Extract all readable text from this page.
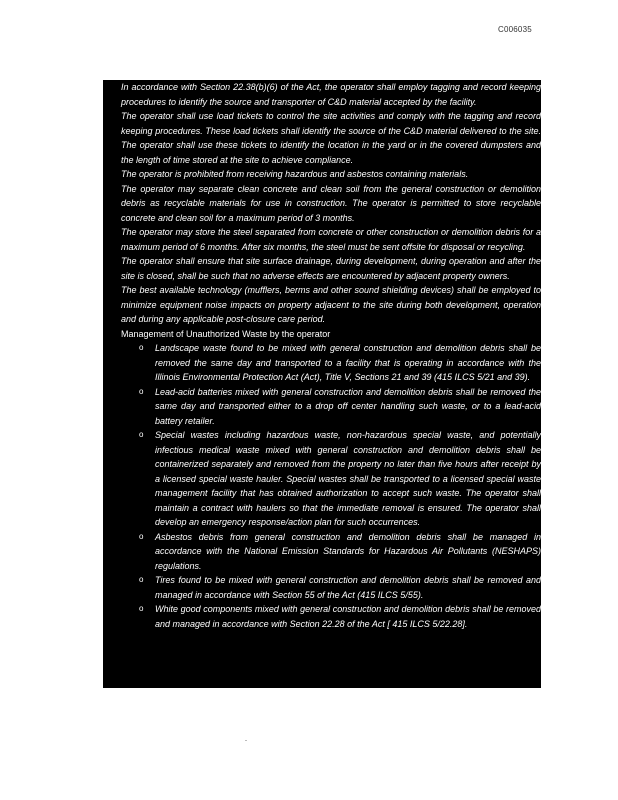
C006035

In accordance with Section 22.38(b)(6) of the Act, the operator shall employ tagging and record keeping procedures to identify the source and transporter of C&D material accepted by the facility.

•	The operator shall use load tickets to control the site activities and comply with the tagging and record keeping procedures. These load tickets shall identify the source of the C&D material delivered to the site. The operator shall use these tickets to identify the location in the yard or in the covered dumpsters and the length of time stored at the site to achieve compliance.

The operator is prohibited from receiving hazardous and asbestos containing materials.

The operator may separate clean concrete and clean soil from the general construction or demolition debris as recyclable materials for use in construction. The operator is permitted to store recyclable concrete and clean soil for a maximum period of 3 months.

•	The operator may store the steel separated from concrete or other construction or demolition debris for a maximum period of 6 months. After six months, the steel must be sent offsite for disposal or recycling.

The operator shall ensure that site surface drainage, during development, during operation and after the site is closed, shall be such that no adverse effects are encountered by adjacent property owners.

The best available technology (mufflers, berms and other sound shielding devices) shall be employed to minimize equipment noise impacts on property adjacent to the site during both development, operation and during any applicable post-closure care period.

Management of Unauthorized Waste by the operator

o Landscape waste found to be mixed with general construction and demolition debris shall be removed the same day and transported to a facility that is operating in accordance with the Illinois Environmental Protection Act (Act), Title V, Sections 21 and 39 (415 ILCS 5/21 and 39).

o Lead-acid batteries mixed with general construction and demolition debris shall be removed the same day and transported either to a drop off center handling such waste, or to a lead-acid battery retailer.

o Special wastes including hazardous waste, non-hazardous special waste, and potentially infectious medical waste mixed with general construction and demolition debris shall be containerized separately and removed from the property no later than five hours after receipt by a licensed special waste hauler. Special wastes shall be transported to a licensed special waste management facility that has obtained authorization to accept such waste. The operator shall maintain a contract with haulers so that the immediate removal is ensured. The operator shall develop an emergency response/action plan for such occurrences.

o Asbestos debris from general construction and demolition debris shall be managed in accordance with the National Emission Standards for Hazardous Air Pollutants (NESHAPS) regulations.

o Tires found to be mixed with general construction and demolition debris shall be removed and managed in accordance with Section 55 of the Act (415 ILCS 5/55).

o White good components mixed with general construction and demolition debris shall be removed and managed in accordance with Section 22.28 of the Act [ 415 ILCS 5/22.28].
